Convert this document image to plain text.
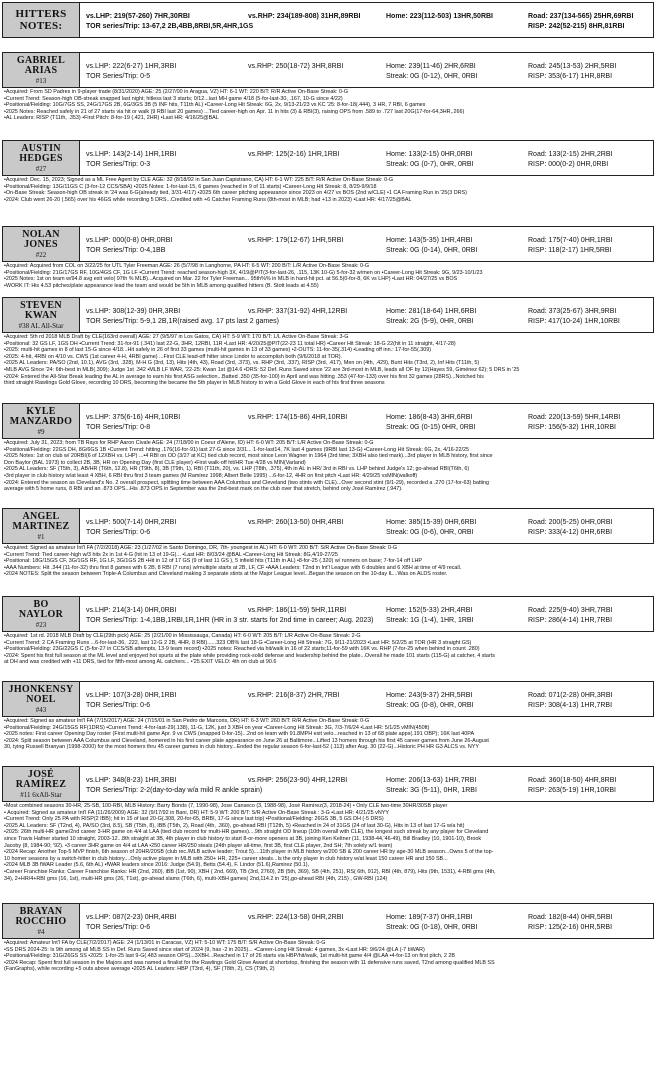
HITTERS
NOTES:
vs.LHP: 219(57-260) 7HR,30RBI	vs.RHP: 234(189-808) 31HR,89RBI	Home: 223(112-503) 13HR,50RBI	Road: 237(134-565) 25HR,69RBI
TOR series/Trip: 13-67,2 2B,4BB,8RBI,5R,4HR,1GS	RISP: 242(52-215) 8HR,81RBI
GABRIEL
ARIAS
#13
vs.LHP: 222(6-27) 1HR,3RBI	vs.RHP: 250(18-72) 3HR,8RBI	Home: 239(11-46) 2HR,6RBI	Road: 245(13-53) 2HR,5RBI
TOR Series/Trip: 0-5	Streak: 0G (0-12), 0HR, 0RBI	RISP: 353(6-17) 1HR,8RBI
•Acquired: From SD Padres in 9-player trade (8/31/2020) AGE: 25 (2/27/00 in Aragua, VZ) HT: 6-1 WT: 220 B/T: R/R Active On-Base Streak: 0-G
•Current Trend: Season-high OB-streak snapped last night; hitless last 3 starts; 0/12...last MH game 4/18 (5-for-last-30, .167, 10-G since 4/22)
•Positional/Fielding: 10G/7GS SS, 24G/17GS 2B, 6G/3GS 3B (5 INF hits, T11th AL) •Career-Long Hit Streak: 6G, 2x, 9/13-21/23 vs KC '25: 8-for-18(.444), 3 HR, 7 RBI, 6 games
•2025 Notes: Reached safely in 21 of 27 starts via hit or walk (9 RBI last 20 games) ...Tied career-high on Apr. 11 in hits (3) & RBI(3), raising OPS from .589 to .727 last 20G(17-for-64,3HR,.266)
•AL Leaders: RISP (T11th, .353) •First Pitch: 8-for-19 (.421, 2HR) •Last HR: 4/16/25@BAL
AUSTIN
HEDGES
#27
vs.LHP: 143(2-14) 1HR,1RBI	vs.RHP: 125(2-16) 1HR,1RBI	Home: 133(2-15) 0HR,0RBI	Road: 133(2-15) 2HR,2RBI
TOR Series/Trip: 0-3	Streak: 0G (0-7), 0HR, 0RBI	RISP: 000(0-2) 0HR,0RBI
•Acquired: Dec. 15, 2023; Signed as a ML Free Agent by CLE AGE: 32 (8/18/92 in San Juan Capistrano, CA) HT: 6-1 WT: 225 B/T: R/R Active On-Base Streak: 0-G
•Positional/Fielding: 13G/11GS C (3-for-12 CCS/SBA) •2025 Notes: 1-for-last-15, 6 games (reached in 9 of 11 starts) •Career-Long Hit Streak: 8, 8/29-9/9/18
•On-Base Streak: Season-high OB streak in '24 was 6-G(already tied, 3/31-4/17) •2025 6th career pitching appearance since 2023 on 4/27 vs BOS (2nd w/CLE) •1 CA Framing Run in '25(3 DRS)
•2024: Club went 26-20 (.565) over his 46GS while recording 5 DRS...Credited with +6 Catcher Framing Runs (8th-most in MLB; had +13 in 2023) •Last HR: 4/17/25@BAL
NOLAN
JONES
#22
vs.LHP: 000(0-8) 0HR,0RBI	vs.RHP: 179(12-67) 1HR,5RBI	Home: 143(5-35) 1HR,4RBI	Road: 175(7-40) 0HR,1RBI
TOR Series/Trip: 0-4,1BB	Streak: 0G (0-14), 0HR, 0RBI	RISP: 118(2-17) 1HR,5RBI
•Acquired: Acquired from COL on 3/22/25 for UTL Tyler Freeman AGE: 26 (5/7/98 in Langhorne, PA HT: 6-5 WT: 200 B/T: L/R Active On-Base Streak: 0-G
•Positional/Fielding: 21G/17GS RF, 10G/4GS CF, 1G LF •Current Trend: reached season-high 3X, 4/19@PIT(3-for-last-26, .115, 13K 10-G) 5-for-32 w/men on •Career-Long Hit Streak: 9G, 9/23-10/1/23
•2025 Notes: 1st on team w/94.8 avg exit velo( 97th % MLB)...Acquired on Mar. 22 for Tyler Freeman... 95th%% in MLB in hard-hit pct. at 56.5(0-for-8, 6K vs LHP) •Last HR: 04/27/25 vs BOS
•WORK IT: His 4.53 pitches/plate appearance lead the team and would be 5th in MLB among qualified hitters (B. Stott leads at 4.55)
STEVEN
KWAN
#38 AL All-Star
vs.LHP: 308(12-39) 0HR,3RBI	vs.RHP: 337(31-92) 4HR,12RBI	Home: 281(18-64) 1HR,6RBI	Road: 373(25-67) 3HR,9RBI
TOR Series/Trip: 5-9,1 2B,1R(raised avg. 17 pts last 2 games)	Streak: 2G (5-9), 0HR, 0RBI	RISP: 417(10-24) 1HR,10RBI
•Acquired: 5th rd 2018 MLB Draft by CLE(163rd overall) AGE: 27 (9/5/97 in Los Gatos, CA) HT: 5-9 WT: 170 B/T: L/L Active On-Base Streak: 3-G
•Positional: 32 GS LF, 1GS DH •Current Trend: 31-for-91 (.341) last 22-G, 3HR, 12RBI, 11R •Last HR: 4/20/25@PIT(22-23 11 total HR) •Career Hit Streak: 18-G 22(hit in 11 straight, 4/17-28)
•2025: multi-hit games in 8 of last 15-G since 4/18...Hit safely in 26 of first 33 games (multi-hit games in 13 of 33 games) •2-OUTS: 11-for-35(.314) •Leading off inn.: 17-for-55(.309)
•2025: 4-hit, 4RBI on 4/10 vs. CWS (1st career 4-H, 4RBI game) ...First CLE lead-off hitter since Lindor to accomplish both (9/6/2018 at TOR).
•2025 AL Leaders: PA/SO (2nd, 10.1), AVG (3rd, .328), M-H G (3rd, 13), Hits (4th, 43), Road (3rd, .373), vs. RHP (3rd, .337), RISP (3rd, .417), Men on (4th, .429), Bunt Hits (T3rd, 2), Inf Hits (T11th, 5)
•MLB AVG Since '24: 6th-best in MLB(.309); Judge 1st .342 •MLB LF WAR, '22-25: Kwan 1st @14.6 •DRS: 52 Def. Runs Saved since '22 are 3rd-most in MLB, leads all OF by 12(Hayes 59, Giménez 62); 5 DRS in '25
•2024: Entered the All-Star Break leading the AL in average to earn his first ASG selection...Batted .350 (35-for-100) in April and was hitting .353 (47-for-133) over his first 32 games (28RS)...Notched his
third straight Rawlings Gold Glove, recording 10 DRS, becoming the became the 5th player in MLB history to win a Gold Glove in each of his first three seasons
KYLE
MANZARDO
#9
vs.LHP: 375(6-16) 4HR,10RBI	vs.RHP: 174(15-86) 4HR,10RBI	Home: 186(8-43) 3HR,6RBI	Road: 220(13-59) 5HR,14RBI
TOR Series/Trip: 0-8	Streak: 0G (0-15) 0HR, 0RBI	RISP: 156(5-32) 1HR,10RBI
•Acquired: July 31, 2023; from TB Rays for RHP Aaron Civale AGE: 24 (7/18/00 in Coeur d'Alene, ID) HT: 6-0 WT: 205 B/T: L/R Active On-Base Streak: 0-G
•Positional/Fielding: 22GS DH, 8G/6GS 1B •Current Trend: hitting .176(16-for-91) last 27-G since 3/31... 1-for-last14, 7K last 4 games (9RBI last 13-G) •Career-Long Hit Streak: 6G, 2x, 4/16-22/25
•2025 Notes: 1st on club w/ 20RBI(6 of 12XBH vs. LHP) ...•4 RBI on OD (3/27 at KC) tied club record, most since Leon Wagner in 1964 (3rd time; 3XBH also tied mark)...3rd player in MLB history, first since
Don Baylor (BAL 1973) to collect 2B, 3B, HR on Opening Day (first CLE player) •First walk-off hit/HR Tue 4/28 vs MIN(Varland)
•2025 AL Leaders: SF (T5th, 3), AB/HR (T6th, 12.8), HR (T9th, 8), 3B (T9th, 1), RBI (T11th, 20), vs. LHP (T8th, .375), 4th in AL in HR/ 3rd in RBI vs. LHP behind Judge's 12; go-ahead RBI(T6th, 6)
•3rd player in club history w/at least 4 XBH, 6 RBI thru first 3 team games (M Ramirez 1998; Albert Belle 1995) ...6-for-12, 4HR on first pitch •Last HR: 4/29/25 vsMIN(walkoff)
•2024: Entered the season as Cleveland's No. 2 overall prospect, splitting time between AAA Columbus and Cleveland (two stints with CLE)...Over second stint (9/1-29), recorded a .270 (17-for-63) batting
average with 5 home runs, 8 RBI and an .873 OPS...His .873 OPS in September was the 2nd-best mark on the club over that stretch, behind only José Ramírez (.947).
ANGEL
MARTINEZ
#1
vs.LHP: 500(7-14) 0HR,2RBI	vs.RHP: 260(13-50) 0HR,4RBI	Home: 385(15-39) 0HR,6RBI	Road: 200(5-25) 0HR,0RBI
TOR Series/Trip: 0-6	Streak: 0G (0-6), 0HR, 0RBI	RISP: 333(4-12) 0HR,6RBI
•Acquired: Signed as amateur Int'l FA (7/2/2018) AGE: 23 (1/27/02 in Santo Domingo, DR, 7th- youngest in AL) HT: 6-0 WT: 200 B/T: S/R Active On-Base Streak: 0-G
•Current Trend: Tied career-high w/3 hits 2x in 1st 4-G (hit in 13 of 19-G)... •Last HR: 8/03/24 @BAL •Career-Long Hit Streak: 8G,4/19-27/25
•Positional: 18G/15GS CF, 3G/1GS RF, 1G LF, 3G/1GS 2B •Hit in 12 of 17 GS (9 of last 11 GS ), 5 infield hits (T11th in AL) •8-for-25 (.320) w/ runners on base; 7-for-14 off LHP
•AAA Numbers: Hit .344 (11-for-32) thru first 8 games with 6 2B, 8 RBI (7 runs) w/multiple starts at 2B, LF, CF •AAA Leaders: T2nd in Int'l League with 6 doubles and 6 XBH at time of 4/9 recall.
•2024 NOTES: Split the season between Triple-A Columbus and Cleveland making 3 separate stints at the Major League level...Began the season on the 10-day IL...Was on ALDS roster.
BO
NAYLOR
#23
vs.LHP: 214(3-14) 0HR,0RBI	vs.RHP: 186(11-59) 5HR,11RBI	Home: 152(5-33) 2HR,4RBI	Road: 225(9-40) 3HR,7RBI
TOR Series/Trip: 1-4,1BB,1RBI,1R,1HR (HR in 3 str. starts for 2nd time in career; Aug. 2023) Streak: 1G (1-4), 1HR, 1RBI	RISP: 286(4-14) 1HR,7RBI
•Acquired: 1st rd. 2018 MLB Draft by CLE(29th pick) AGE: 25 (2/21/00 in Mississauga, Canada) HT: 6-0 WT: 205 B/T: L/R Active On-Base Streak: 2-G
•Current Trend: 2 CA Framing Runs ...6-for-last-36, .222, last 12-G 2 2B, 4HR, 8 RBI)......323 OB% last 18-G •Career-Long Hit Streak: 7G, 9/11-21/2023 •Last HR: 5/2/25 at TOR (HR 3 straight GS)
•Positional/Fielding: 23G/22GS C (5-for-27 in CCS/SB attempts, 13-9 team record) •2025 notes: Reached via hit/walk in 16 of 22 starts;11-for-59 with 16K vs. RHP (7-for-25 when behind in count .280)
•2024: Spent his first full season at the ML level and enjoyed hot spurts at the plate while providing rock-solid defense and leadership behind the plate...Overall he made 101 starts (115-G) at catcher, 4 starts
at DH and was credited with +11 DRS, tied for fifth-most among AL catchers... •'25 EXIT VELO: 4th on club at 90.6
JHONKENSY
NOEL
#43
vs.LHP: 107(3-28) 0HR,1RBI	vs.RHP: 216(8-37) 2HR,7RBI	Home: 243(9-37) 2HR,5RBI	Road: 071(2-28) 0HR,3RBI
TOR Series/Trip: 0-6	Streak: 0G (0-8), 0HR, 0RBI	RISP: 308(4-13) 1HR,7RBI
•Acquired: Signed as amateur Int'l FA (7/15/2017) AGE: 24 (7/15/01 in San Pedro de Marcoris, DR) HT: 6-3 WT: 260 B/T: R/R Active On-Base Streak: 0-G
•Positional/Fielding: 24G/15GS RF(1DRS) •Current Trend: 4-for-last-29(.138), 11-G, 12K, just 3 XBH on year •Career-Long Hit Streak: 3G, 7/3-7/6/24 •Last HR: 5/1/25 vMIN(450ft)
•2025 notes: First career Opening Day roster (First multi-hit game Apr. 9 vs CWS (snapped 0-for-15)...2nd on team with 91.8MPH exit velo...reached in 13 of 68 plate apps(.191 OBP); 16K last 40PA
•2024: Split season between AAA Columbus and Cleveland, homered in his first career plate appearance on June 26 at Baltimore...Lifted 13 homers through his first 45 career games from June 26-August
30, tying Russell Branyan (1998-2000) for the most homers thru 45 career games in club history...Ended the regular season 6-for-last-52 (.113) after Aug. 30 (22-G)...Historic PH HR G3 ALCS vs. NYY
JOSÉ
RAMÍREZ
#11 6xAll-Star
vs.LHP: 348(8-23) 1HR,3RBI	vs.RHP: 256(23-90) 4HR,12RBI	Home: 206(13-63) 1HR,7RBI	Road: 360(18-50) 4HR,8RBI
TOR Series/Trip: 2-2(day-to-day w/a mild R ankle sprain)	Streak: 3G (5-11), 0HR, 1RBI	RISP: 263(5-19) 1HR,10RBI
•Most combined seasons 30-HR, 25-SB, 100-RBI, MLB History: Barry Bonds (7, 1990-98), Jose Canseco (3, 1988-98), José Ramírez(3, 2018-24) • Only CLE two-time 30HR/30SB player
• Acquired: Signed as amateur Int'l FA (11/26/2009) AGE: 32 (9/17/92 in Bani, DR) HT: 5-9 WT: 200 B/T: S/R Active On-Base Streak : 3-G •Last HR: 4/21/25 vNYY
•Current Trend: Only 25 PA with RISP(2 IBB); hit in 15 of last 20-G(.308, 20-for-65, BRBI, 17-G since last trip) •Positional/Fielding: 26GS 3B, 5 GS DH (-5 DRS)
•2025 AL Leaders: SF (T2nd, 4), PA/SO (3rd, 8.5), SB (T5th, 8), IBB (T5th, 2), Road (4th, .360), go-ahead RBI (T12th, 5) •Reached in 24 of 31GS (24 of last 30-G), Hits in 13 of last 17-G w/a hit)
•2025: 26th multi-HR game/2nd career 3-HR game on 4/4 at LAA (tied club record for multi-HR games)....9th straight OD lineup (10th overall with CLE), the longest such streak by any player for Cleveland
since Travis Hafner started 10 straight, 2003-12...8th straight at 3B, 4th player in club history to start 8-or-more openers at 3B, joining Ken Keltner (11, 1938-44,'46-49), Bill Bradley (10, 1901-10), Brook
Jacoby (8, 1984-90; '92). •3 career 3HR game on 4/4 at LAA •250 career HR/250 steals (24th player all-time, first 3B, first CLE player, 2nd SH; 7th solely w/1 team)
•2024 Recap: Another Top-5 MVP finish, 6th season of 20HR/20SB (club rec./MLB active leader; Trout 5)....11th player in MLB history w/200 SB & 200 career HR by age-30 MLB season...Owns 5 of the top-
10 homer seasons by a switch-hitter in club history....Only active player in MLB with 250+ HR, 225+ career steals...Is the only player in club history w/at least 150 career HR and 150 SB...
•2024 MLB 3B fWAR Leader (5.6, 6th AL) •fWAR leaders since 2016: Judge (54.9), Betts (54.4), F. Lindor (51.6),Ramirez (50.1),
•Career Franchise Ranks: Career Franchise Ranks: HR (2nd, 260), iBB (1st, 90), XBH ( 2nd, 669), TB (3rd, 2760), 2B (5th, 369), SB (4th, 251), RS( 6th, 912), RBI (4th, 879), Hits (9th, 1531), 4-RBI gms (4th,
34), 2+HR/4+RBI gms (16, 1st), multi-HR gms (26, T1st), go-ahead slams (T6th, 6), multi-XBH games( 2nd,114.2 in '25),go-ahead RBI (4th, 215) , GW-RBI (124)
BRAYAN
ROCCHIO
#4
vs.LHP: 087(2-23) 0HR,4RBI	vs.RHP: 224(13-58) 0HR,2RBI	Home: 189(7-37) 0HR,1RBI	Road: 182(8-44) 0HR,5RBI
TOR Series/Trip: 0-6	Streak: 0G (0-18), 0HR, 0RBI	RISP: 125(2-16) 0HR,5RBI
•Acquired: Amateur Int'l FA by CLE(7/2/2017) AGE: 24 (1/13/01 in Caracas, VZ) HT: 5-10 WT: 175 B/T: S/R Active On-Base Streak: 0-G
•SS DRS 2024-25: Is 9th among all MLB SS in Def. Runs Saved since start of 2024 (9, has -2 in 2025)... •Career-Long Hit Streak: 4 games, 3x •Last HR: 9/6/24 @LA (-7 bWAR)
•Positional/Fielding: 31G/26GS SS •2025: 1-for-25 last 9-G(.483 season OPS)...3XBH...Reached in 17 of 26 starts via HBP/hit/walk, 1st multi-hit game 4/4 @LAA •4-for-13 on first pitch, 2 2B
•2024 Recap: Spent first full season in the Majors and was named a finalist for the Rawlings Gold Glove Award at shortstop, finishing the season with 11 defensive runs saved, T2nd among qualified MLB SS
(FanGraphs), while recording +5 outs above average •2025 AL Leaders: HBP (T3rd, 4), SF (T8th, 2), CS (T9th, 2)
